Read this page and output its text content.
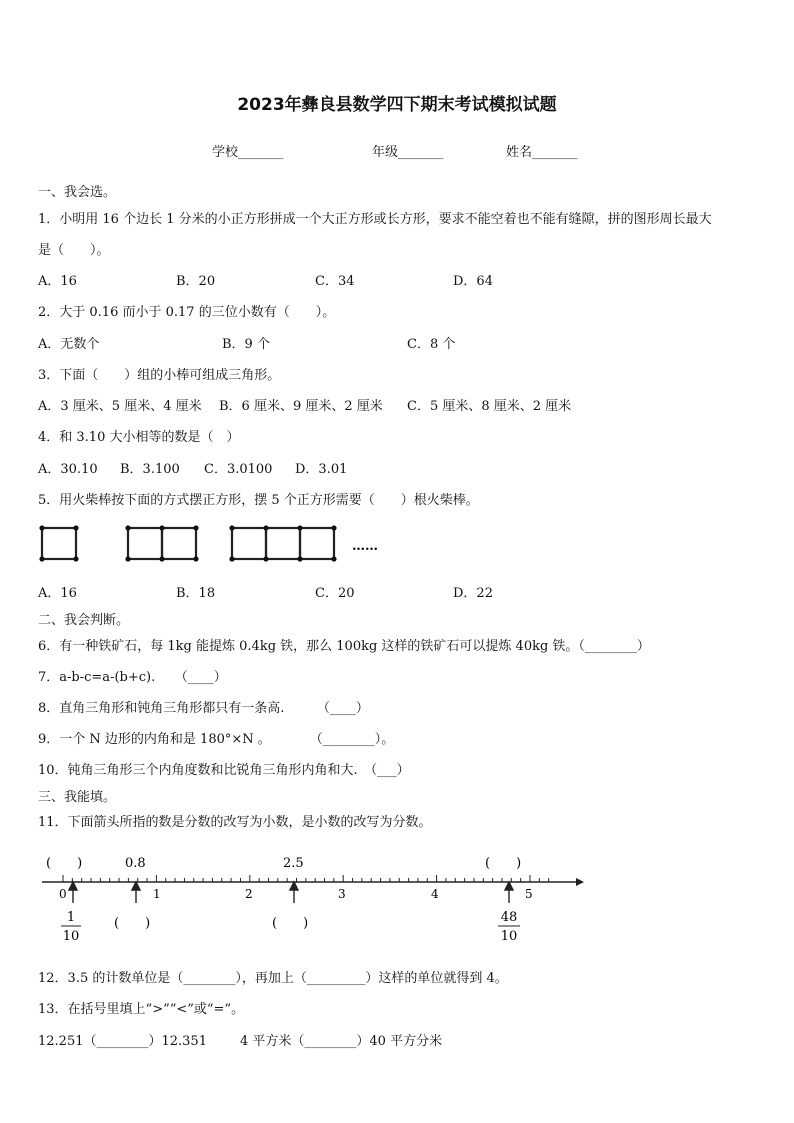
2023年彝良县数学四下期末考试模拟试题
学校_______	年级_______	姓名_______
一、我会选。
1．小明用 16 个边长 1 分米的小正方形拼成一个大正方形或长方形，要求不能空着也不能有缝隙，拼的图形周长最大
是（　　）。
A．16	B．20	C．34	D．64
2．大于 0.16 而小于 0.17 的三位小数有（　　）。
A．无数个	B．9 个	C．8 个
3．下面（　　）组的小棒可组成三角形。
A．3 厘米、5 厘米、4 厘米 B．6 厘米、9 厘米、2 厘米 C．5 厘米、8 厘米、2 厘米
4．和 3.10 大小相等的数是（　）
A．30.10 B．3.100 C．3.0100 D．3.01
5．用火柴棒按下面的方式摆正方形，摆 5 个正方形需要（　　）根火柴棒。
……
A．16	B．18	C．20	D．22
二、我会判断。
6．有一种铁矿石，每 1kg 能提炼 0.4kg 铁，那么 100kg 这样的铁矿石可以提炼 40kg 铁。（________）
7．a-b-c=a-(b+c).　　（____）
8．直角三角形和钝角三角形都只有一条高.　　　（____）
9．一个 N 边形的内角和是 180°×N 。　　　　（________）。
10．钝角三角形三个内角度数和比锐角三角形内角和大.　（___）
三、我能填。
11．下面箭头所指的数是分数的改写为小数，是小数的改写为分数。
(　　)	0.8	2.5	(　　)
0	1	2	3	4	5
1
10
(　　)	(　　)	48
10
12．3.5 的计数单位是（________），再加上（_________）这样的单位就得到 4。
13．在括号里填上“>”“<”或“=”。
12.251（________）12.351	4 平方米（________）40 平方分米
